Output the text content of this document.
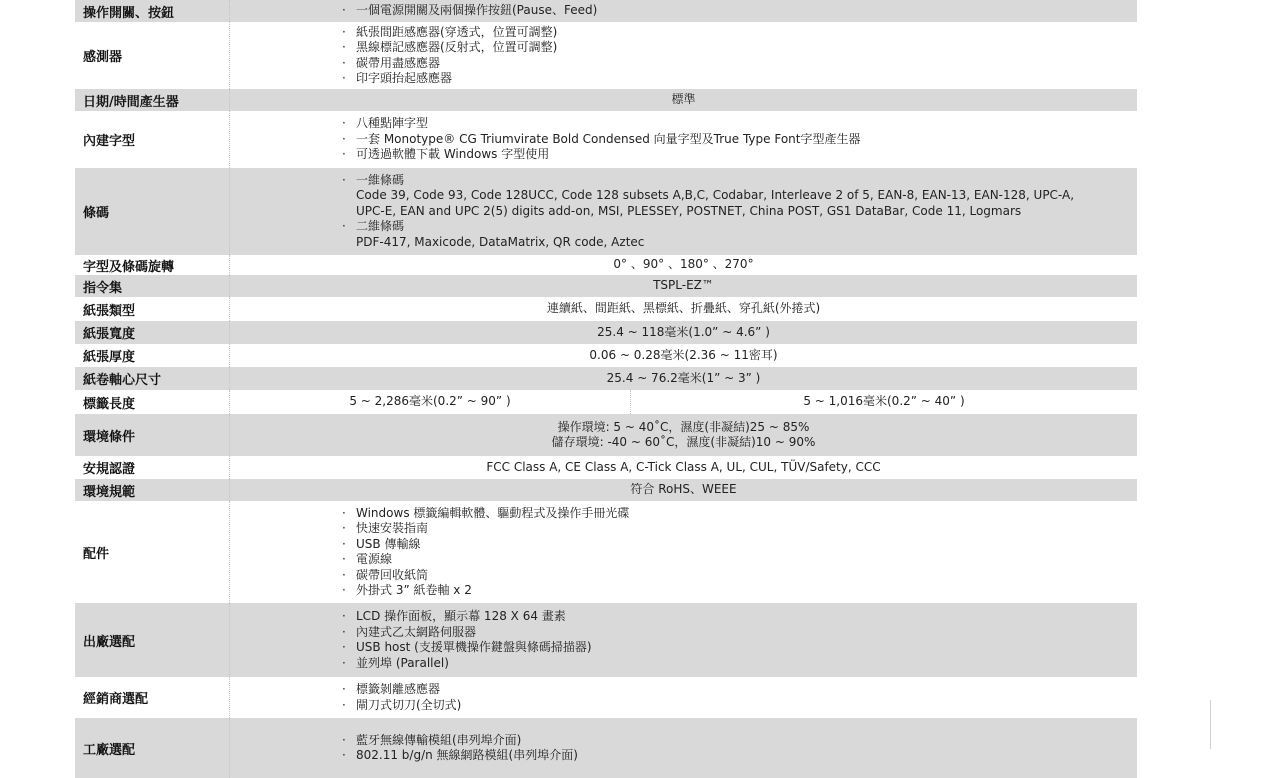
操作開關、按鈕
·	一個電源開關及兩個操作按鈕(Pause、Feed)
感測器
· 紙張間距感應器(穿透式，位置可調整)
· 黑線標記感應器(反射式，位置可調整)
· 碳帶用盡感應器
· 印字頭抬起感應器
日期/時間產生器	標準
內建字型
· 八種點陣字型
· 一套 Monotype® CG Triumvirate Bold Condensed 向量字型及True Type Font字型產生器
· 可透過軟體下載 Windows 字型使用
條碼
· 一維條碼
Code 39, Code 93, Code 128UCC, Code 128 subsets A,B,C, Codabar, Interleave 2 of 5, EAN-8, EAN-13, EAN-128, UPC-A,
UPC-E, EAN and UPC 2(5) digits add-on, MSI, PLESSEY, POSTNET, China POST, GS1 DataBar, Code 11, Logmars
· 二維條碼
PDF-417, Maxicode, DataMatrix, QR code, Aztec
字型及條碼旋轉	0° 、90° 、180° 、270°
指令集	TSPL-EZ™
紙張類型	連續紙、間距紙、黑標紙、折疊紙、穿孔紙(外捲式)
紙張寬度	25.4 ~ 118毫米(1.0” ~ 4.6” )
紙張厚度	0.06 ~ 0.28毫米(2.36 ~ 11密耳)
紙卷軸心尺寸	25.4 ~ 76.2毫米(1” ~ 3” )
標籤長度	5 ~ 2,286毫米(0.2” ~ 90” )	5 ~ 1,016毫米(0.2” ~ 40” )
環境條件
操作環境: 5 ~ 40˚C，濕度(非凝結)25 ~ 85%
儲存環境: -40 ~ 60˚C，濕度(非凝結)10 ~ 90%
安規認證	FCC Class A, CE Class A, C-Tick Class A, UL, CUL, TÜV/Safety, CCC
環境規範	符合 RoHS、WEEE
配件
· Windows 標籤編輯軟體、驅動程式及操作手冊光碟
· 快速安裝指南
· USB 傳輸線
· 電源線
· 碳帶回收紙筒
· 外掛式 3” 紙卷軸 x 2
出廠選配
· LCD 操作面板，顯示幕 128 X 64 畫素
· 內建式乙太網路伺服器
· USB host (支援單機操作鍵盤與條碼掃描器)
· 並列埠 (Parallel)
經銷商選配
· 標籤剝離感應器
· 閘刀式切刀(全切式)
工廠選配
· 藍牙無線傳輸模組(串列埠介面)
· 802.11 b/g/n 無線網路模組(串列埠介面)
